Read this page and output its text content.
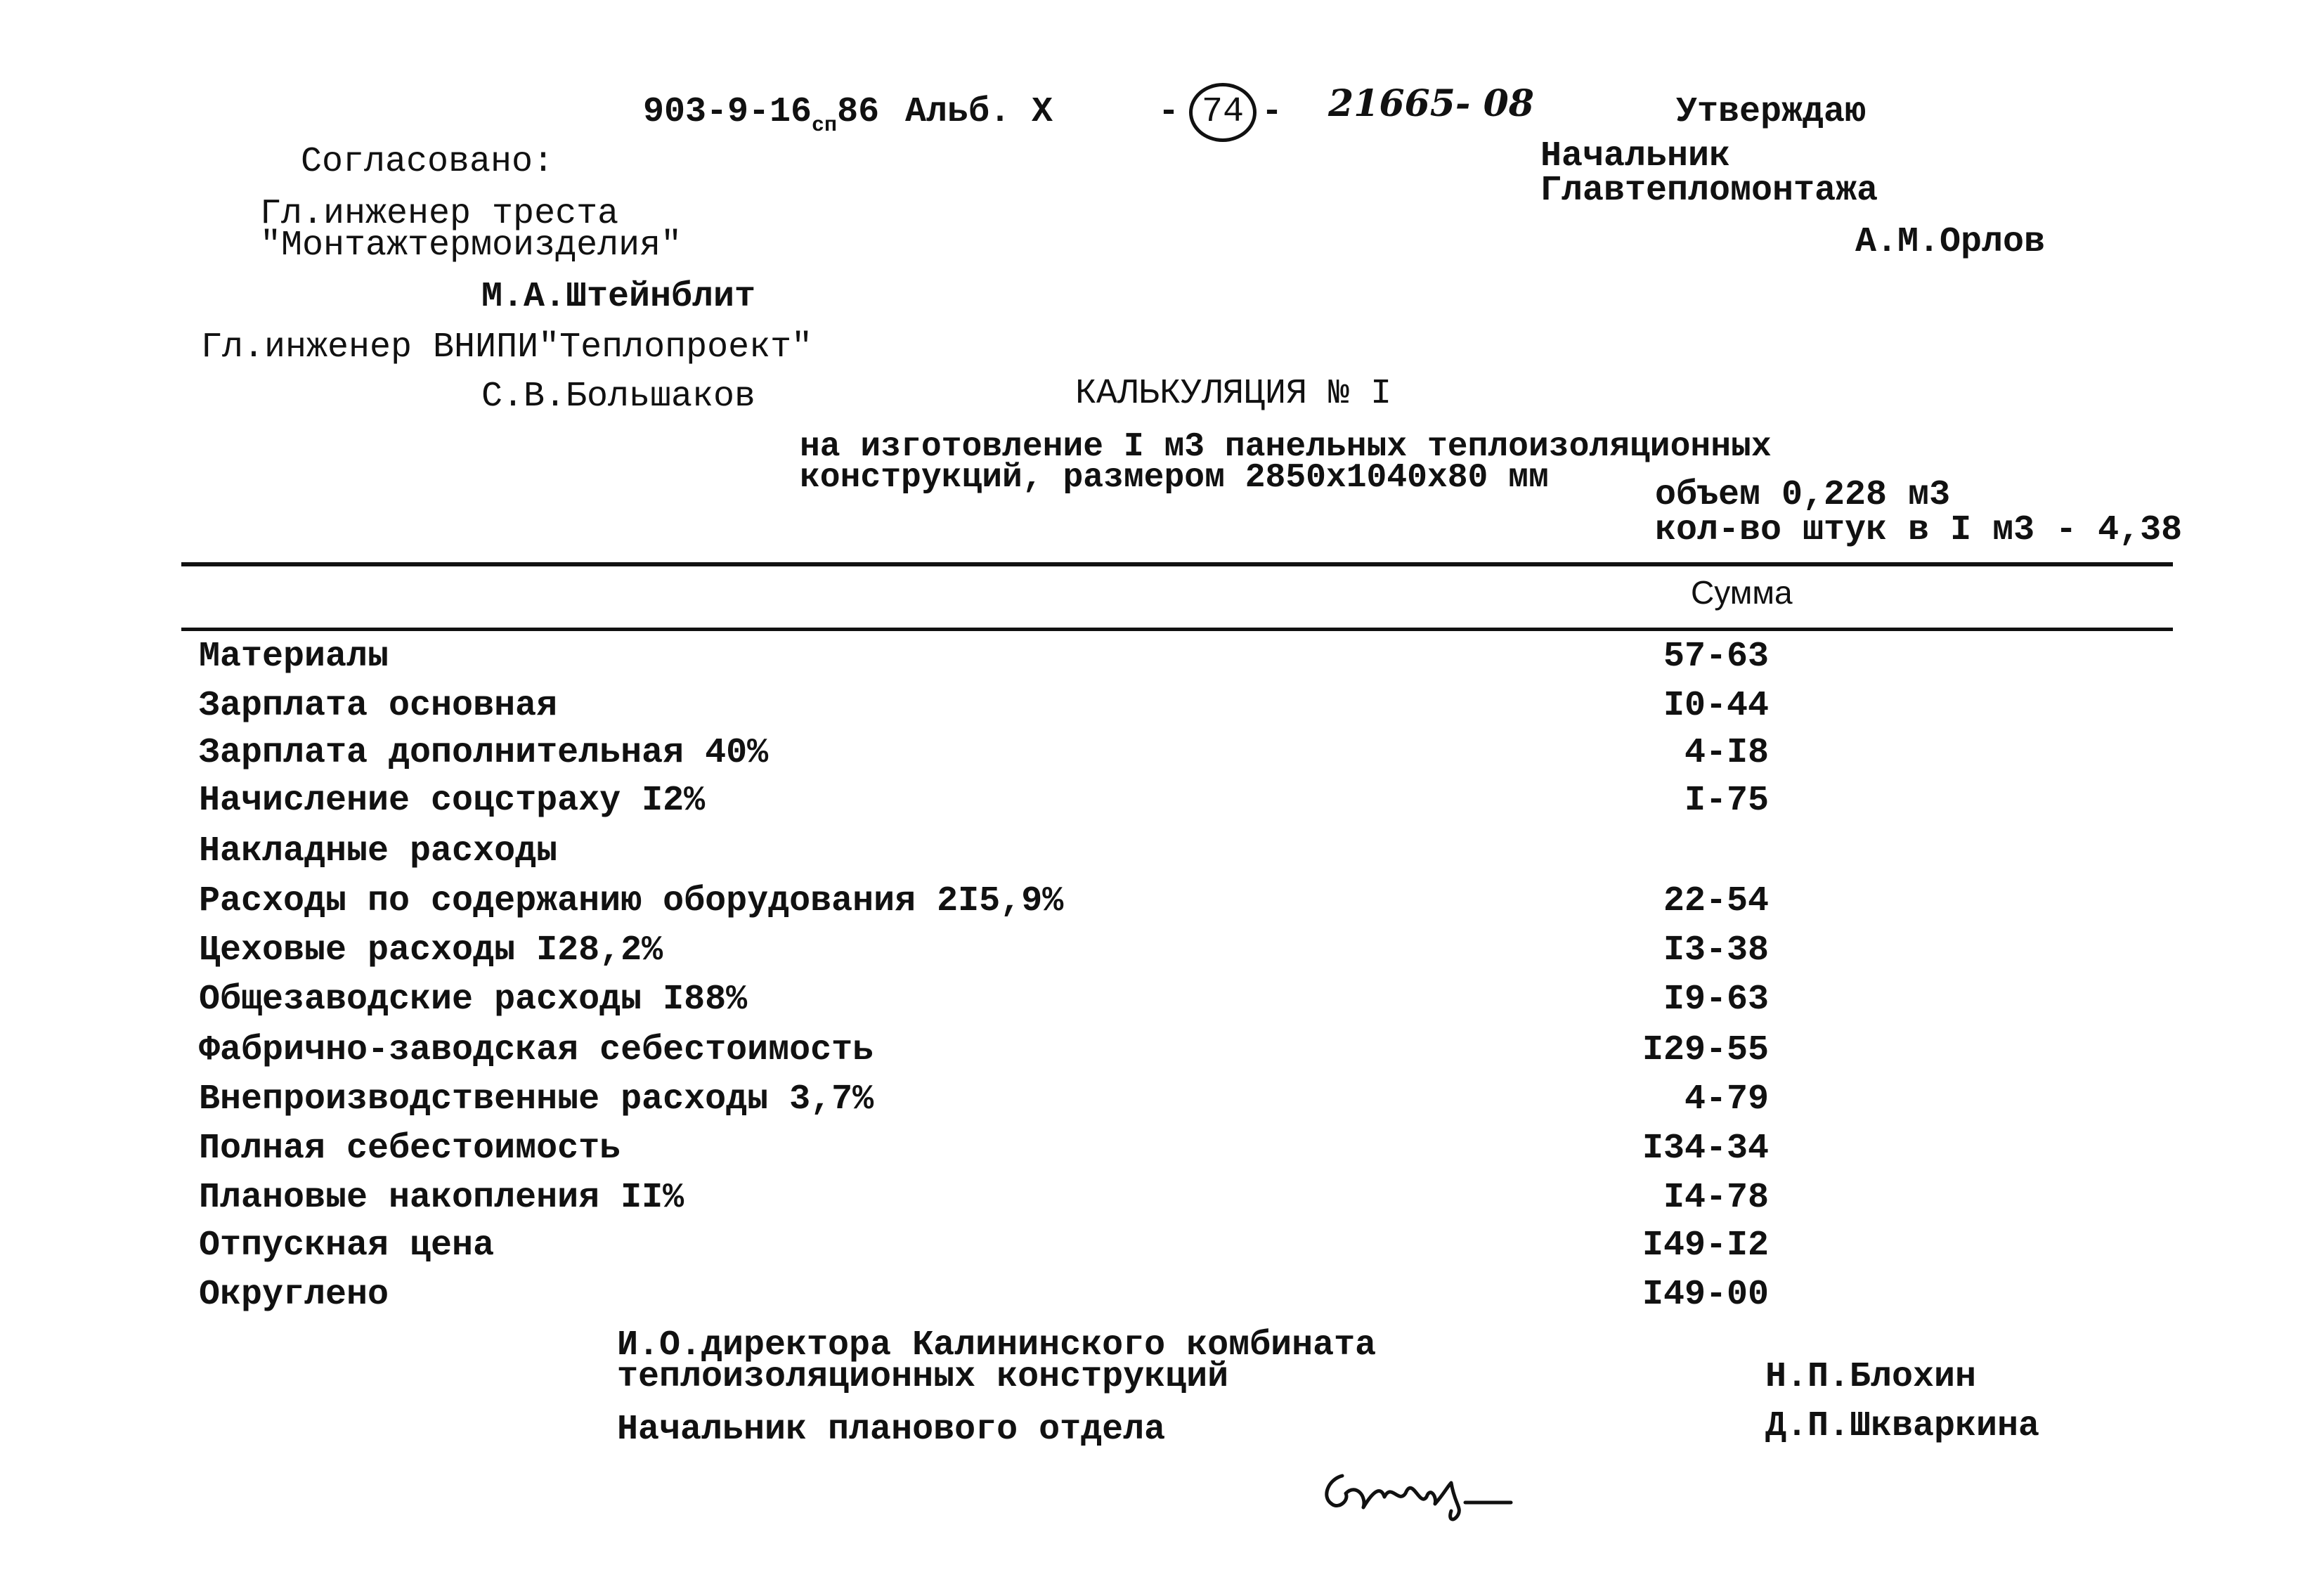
$903-9-16_{сп}86$ Альб. Х	- 74 - 21665- 08	Утверждаю
Начальник
Главтепломонтажа
А.М.Орлов
Согласовано:
Гл.инженер треста
"Монтажтермоизделия"
М.А.Штейнблит
Гл.инженер ВНИПИ"Теплопроект"
С.В.Большаков	КАЛЬКУЛЯЦИЯ № I
на изготовление I м3 панельных теплоизоляционных
конструкций, размером 2850х1040х80 мм	объем 0,228 м3
кол-во штук в I м3 - 4,38
Сумма
Материалы	57-63
Зарплата основная	I0-44
Зарплата дополнительная 40%	4-I8
Начисление соцстраху I2%	I-75
Накладные расходы
Расходы по содержанию оборудования 2I5,9%	22-54
Цеховые расходы I28,2%	I3-38
Общезаводские расходы I88%	I9-63
Фабрично-заводская себестоимость	I29-55
Внепроизводственные расходы 3,7%	4-79
Полная себестоимость	I34-34
Плановые накопления II%	I4-78
Отпускная цена	I49-I2
Округлено	I49-00
И.О.директора Калининского комбината
теплоизоляционных конструкций	Н.П.Блохин
Начальник планового отдела	Д.П.Шкваркина
